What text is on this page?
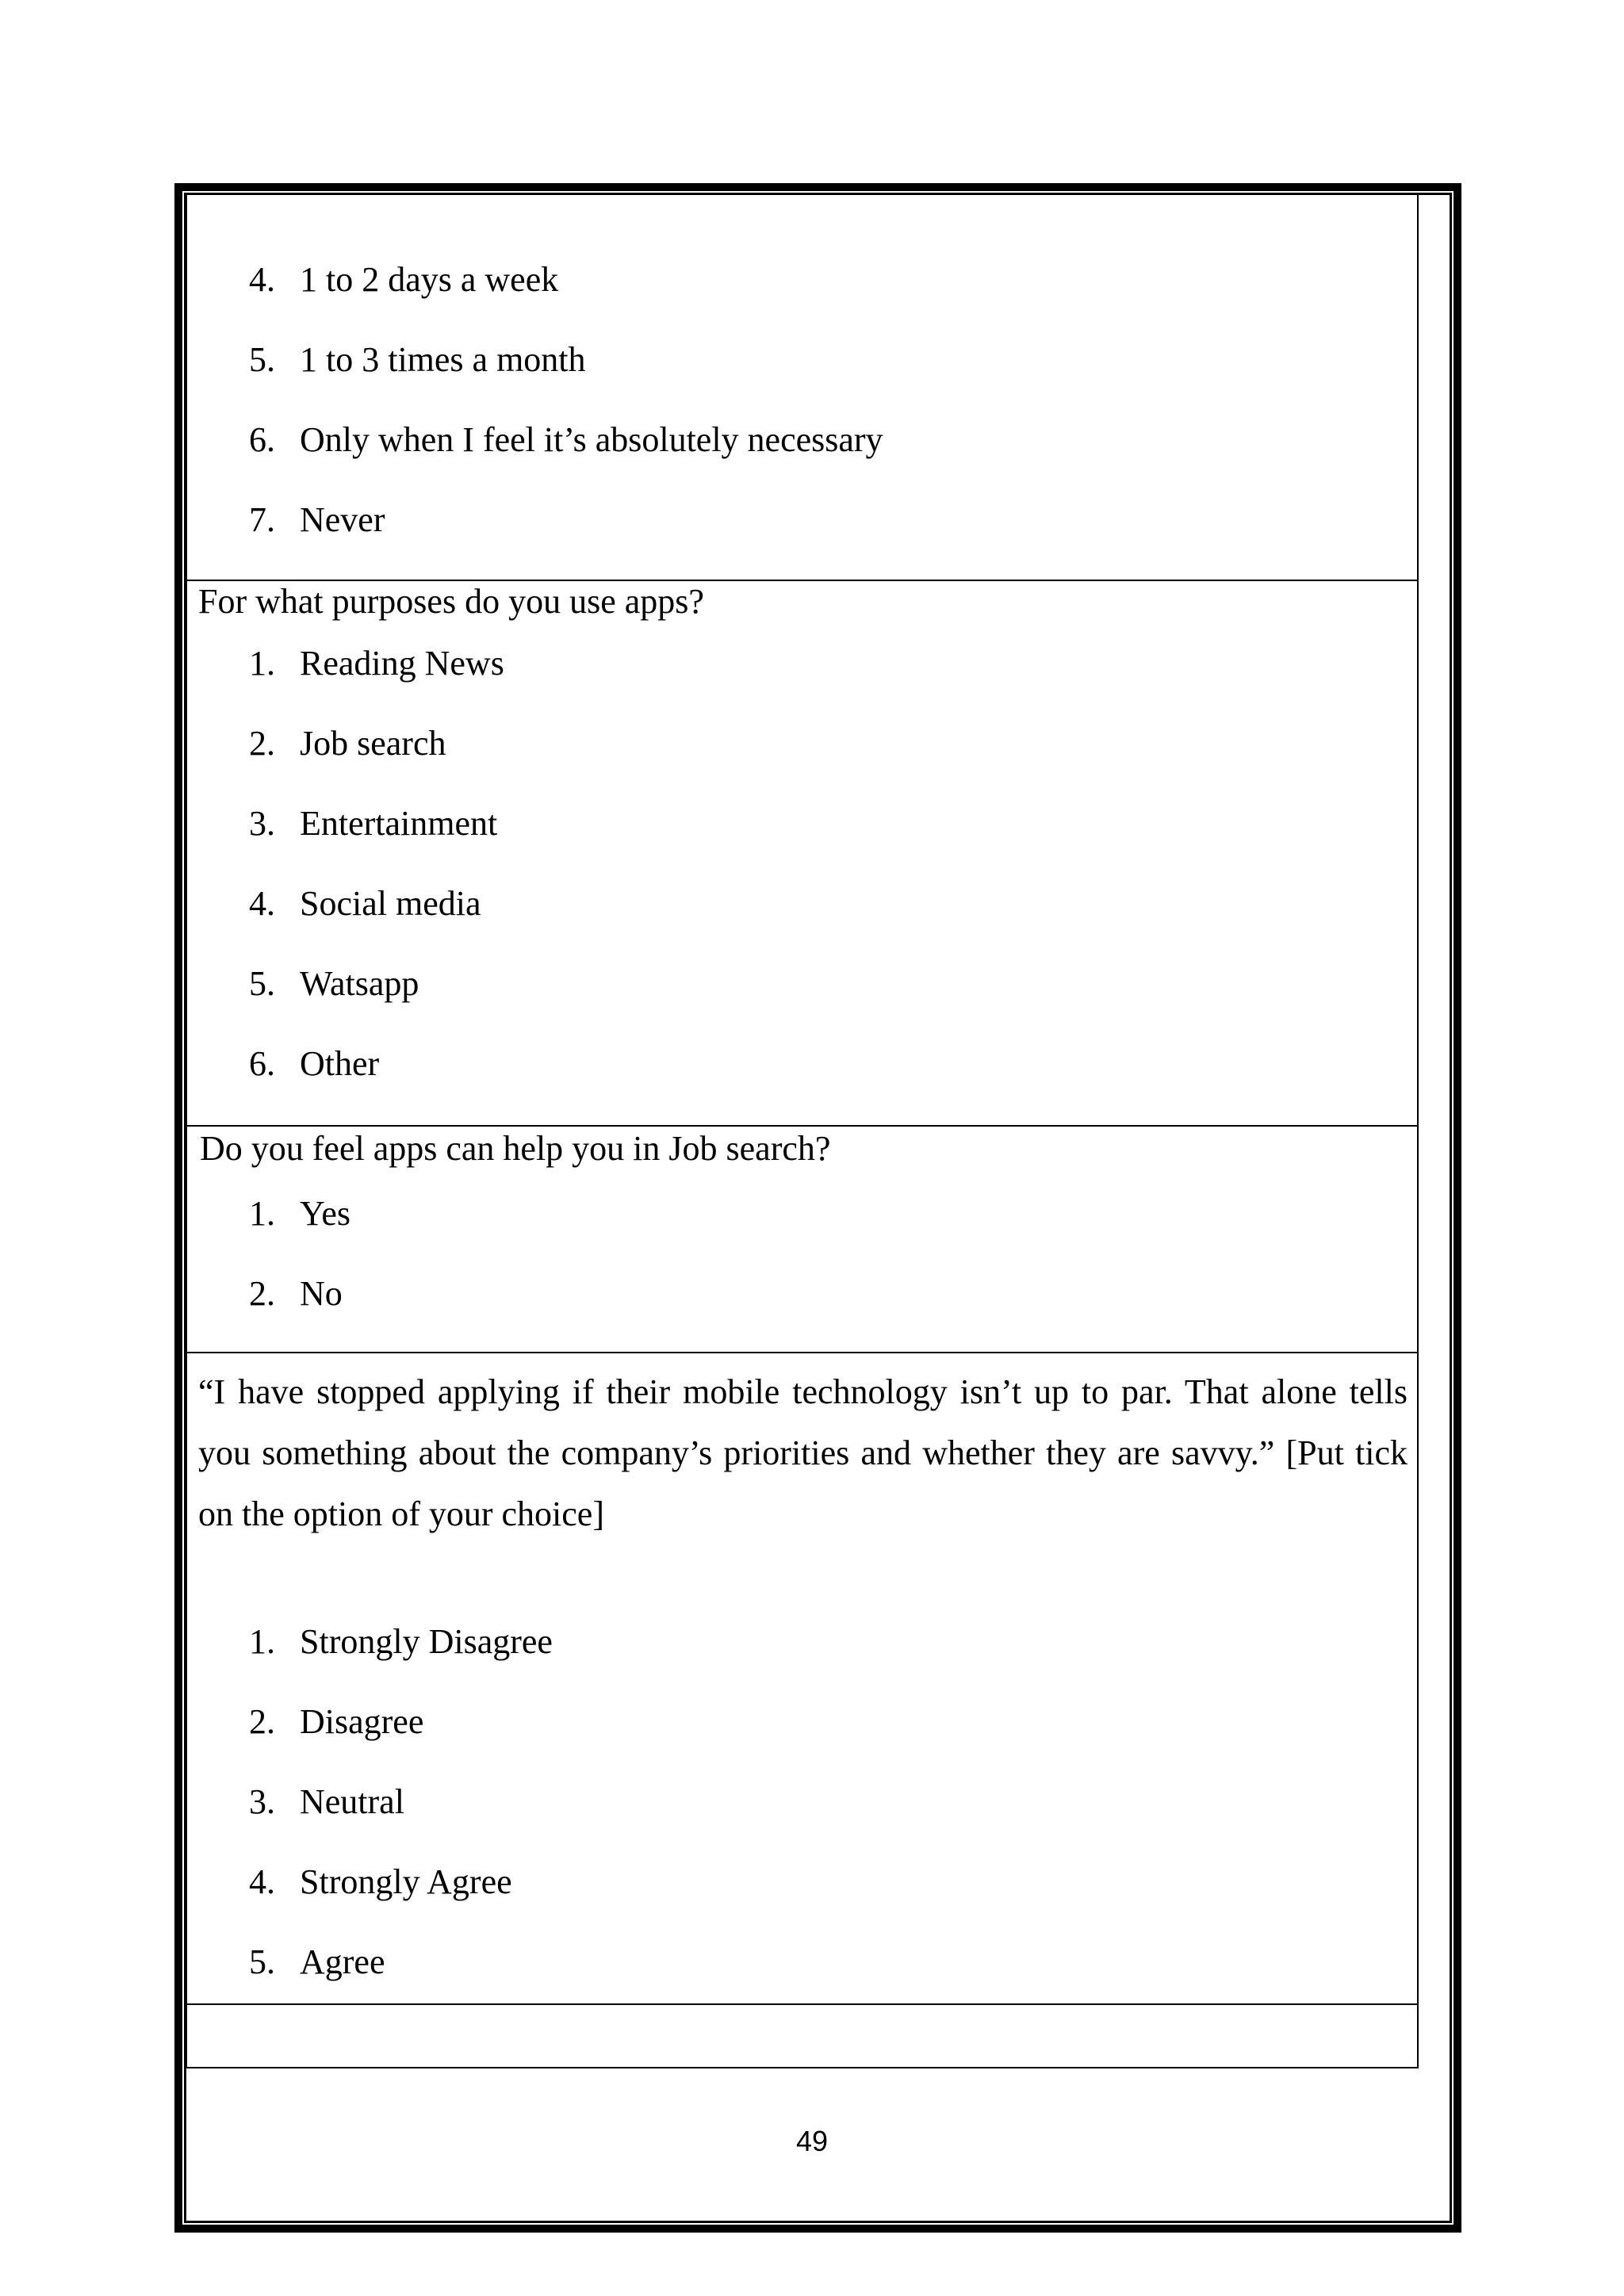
4. 1 to 2 days a week
5. 1 to 3 times a month
6. Only when I feel it’s absolutely necessary
7. Never
For what purposes do you use apps?
1. Reading News
2. Job search
3. Entertainment
4. Social media
5. Watsapp
6. Other
Do you feel apps can help you in Job search?
1. Yes
2. No
“I have stopped applying if their mobile technology isn’t up to par. That alone tells you something about the company’s priorities and whether they are savvy.” [Put tick on the option of your choice]
1. Strongly Disagree
2. Disagree
3. Neutral
4. Strongly Agree
5. Agree
49
